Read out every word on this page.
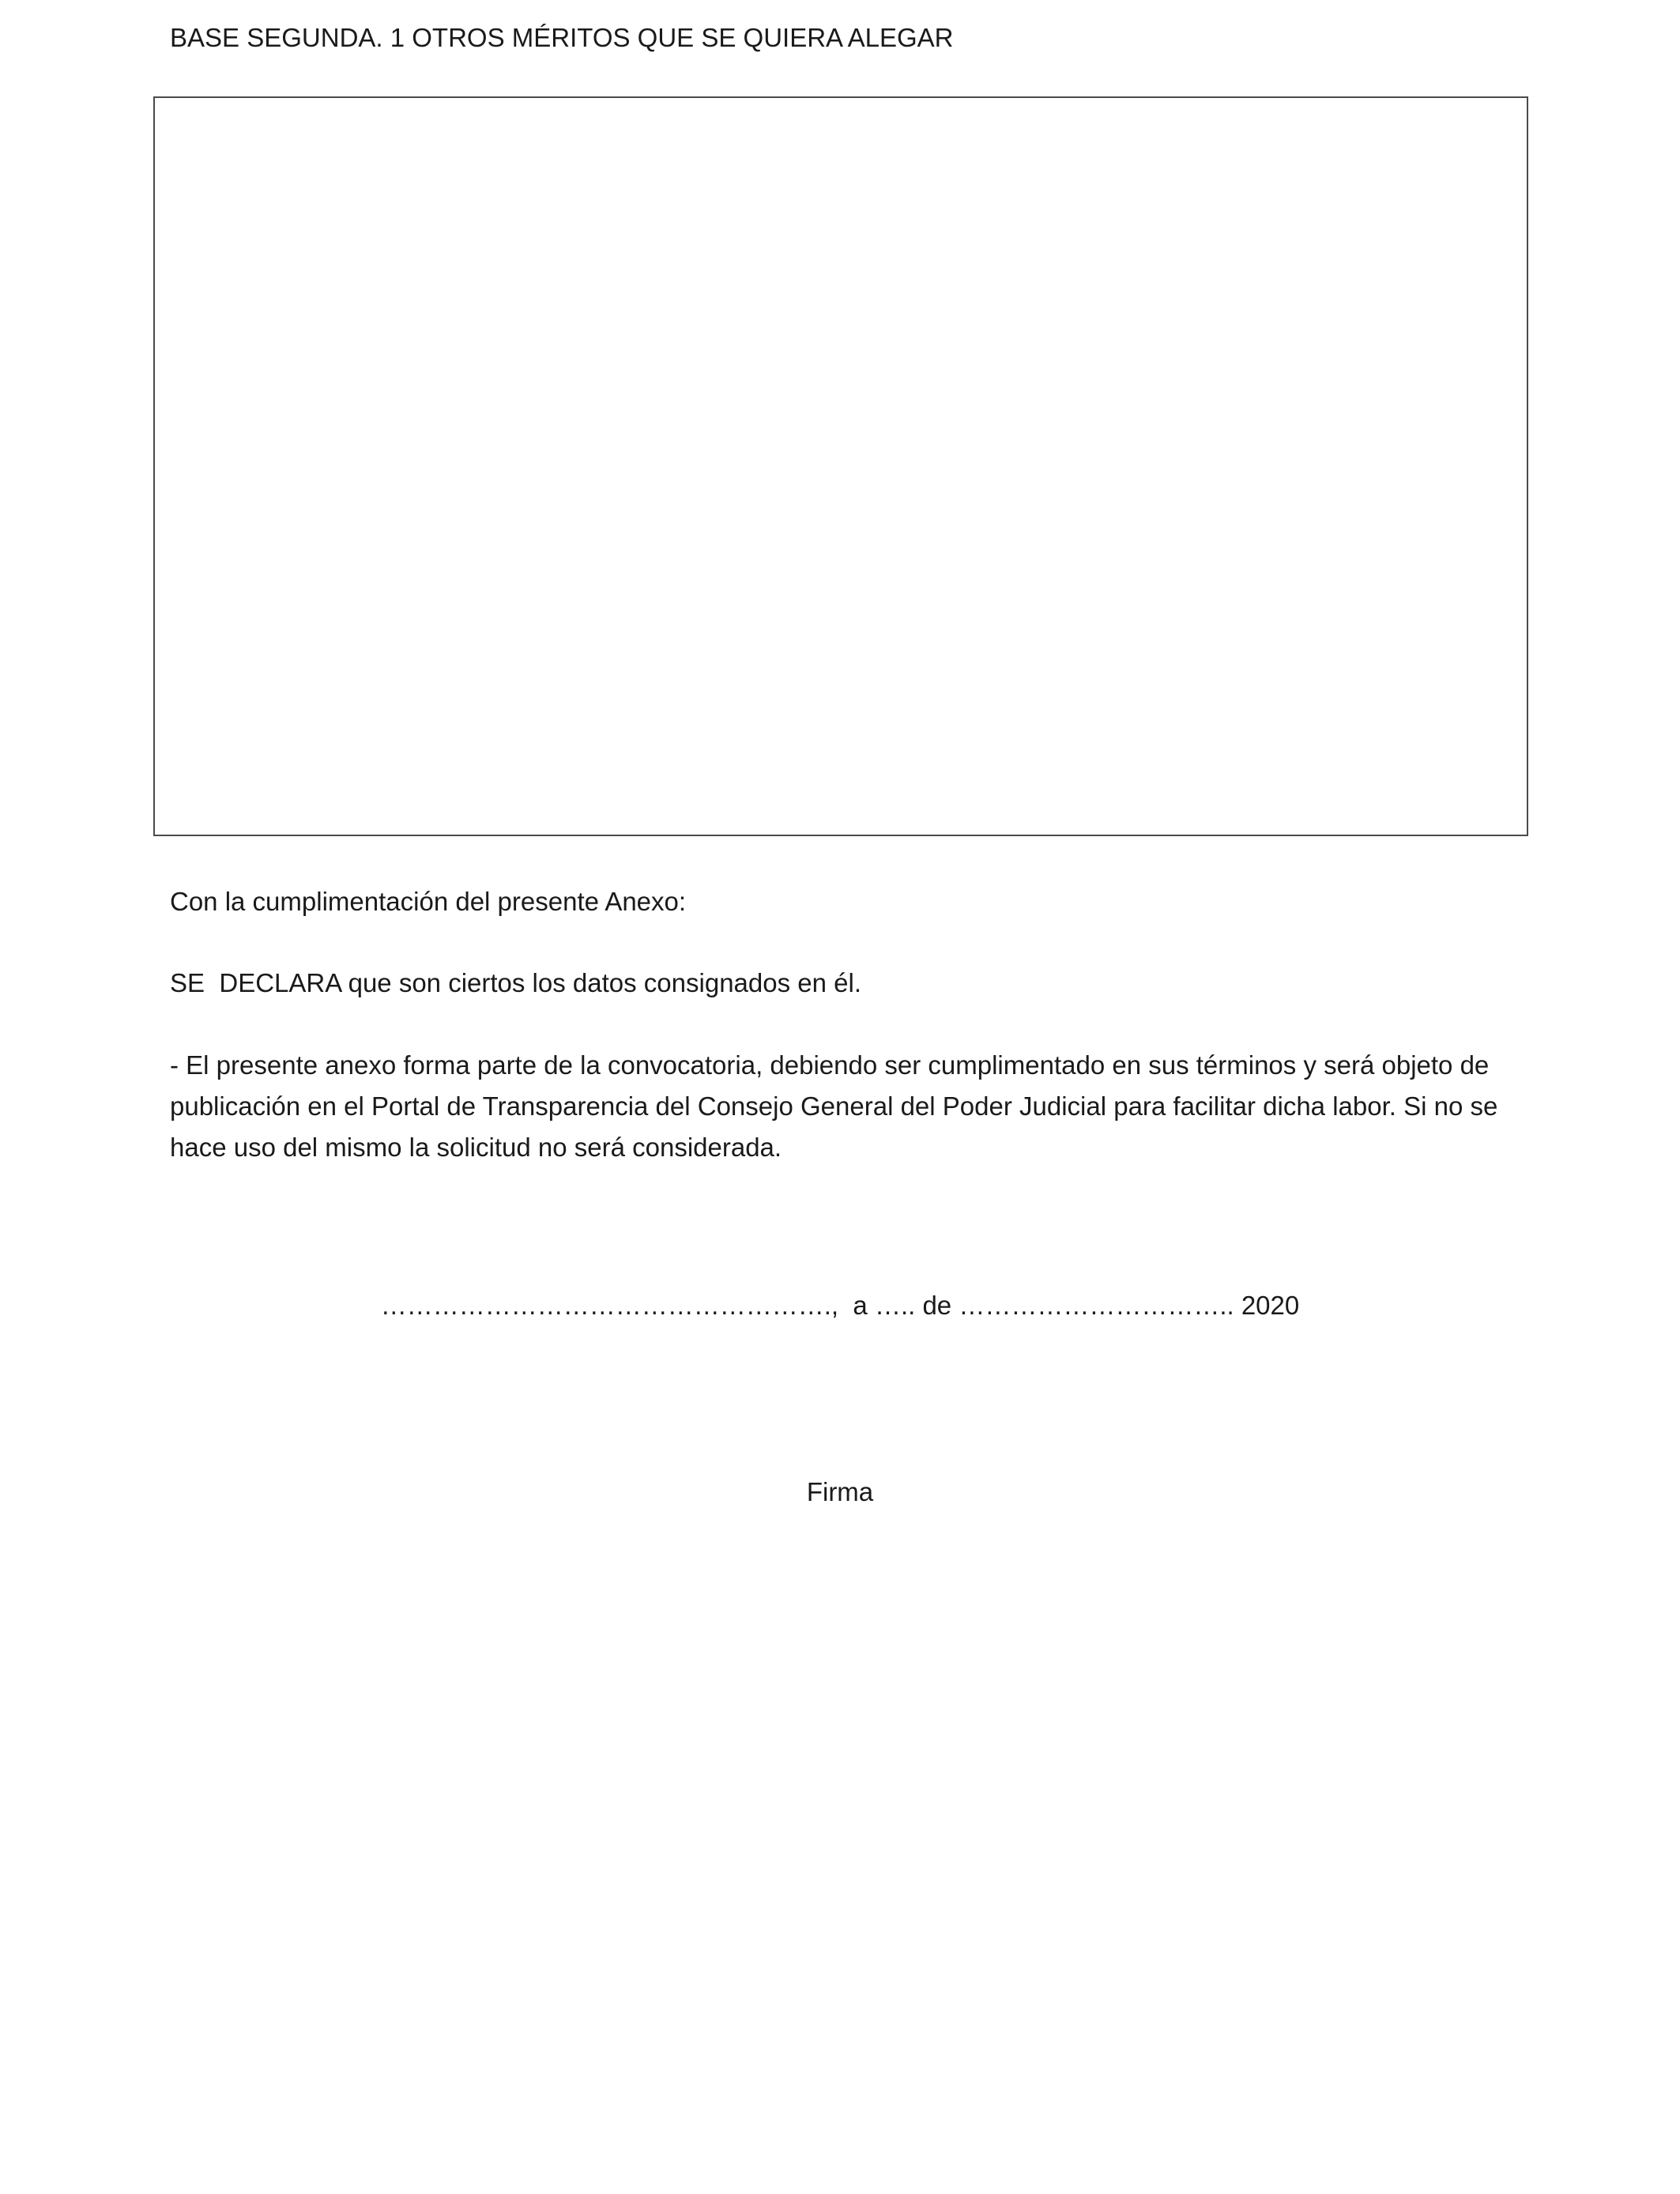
BASE SEGUNDA. 1 OTROS MÉRITOS QUE SE QUIERA ALEGAR

Con la cumplimentación del presente Anexo:

SE  DECLARA que son ciertos los datos consignados en él.

- El presente anexo forma parte de la convocatoria, debiendo ser cumplimentado en sus términos y será objeto de publicación en el Portal de Transparencia del Consejo General del Poder Judicial para facilitar dicha labor. Si no se hace uso del mismo la solicitud no será considerada.

…………………………………………….,  a ….. de ………………………….. 2020
Firma
